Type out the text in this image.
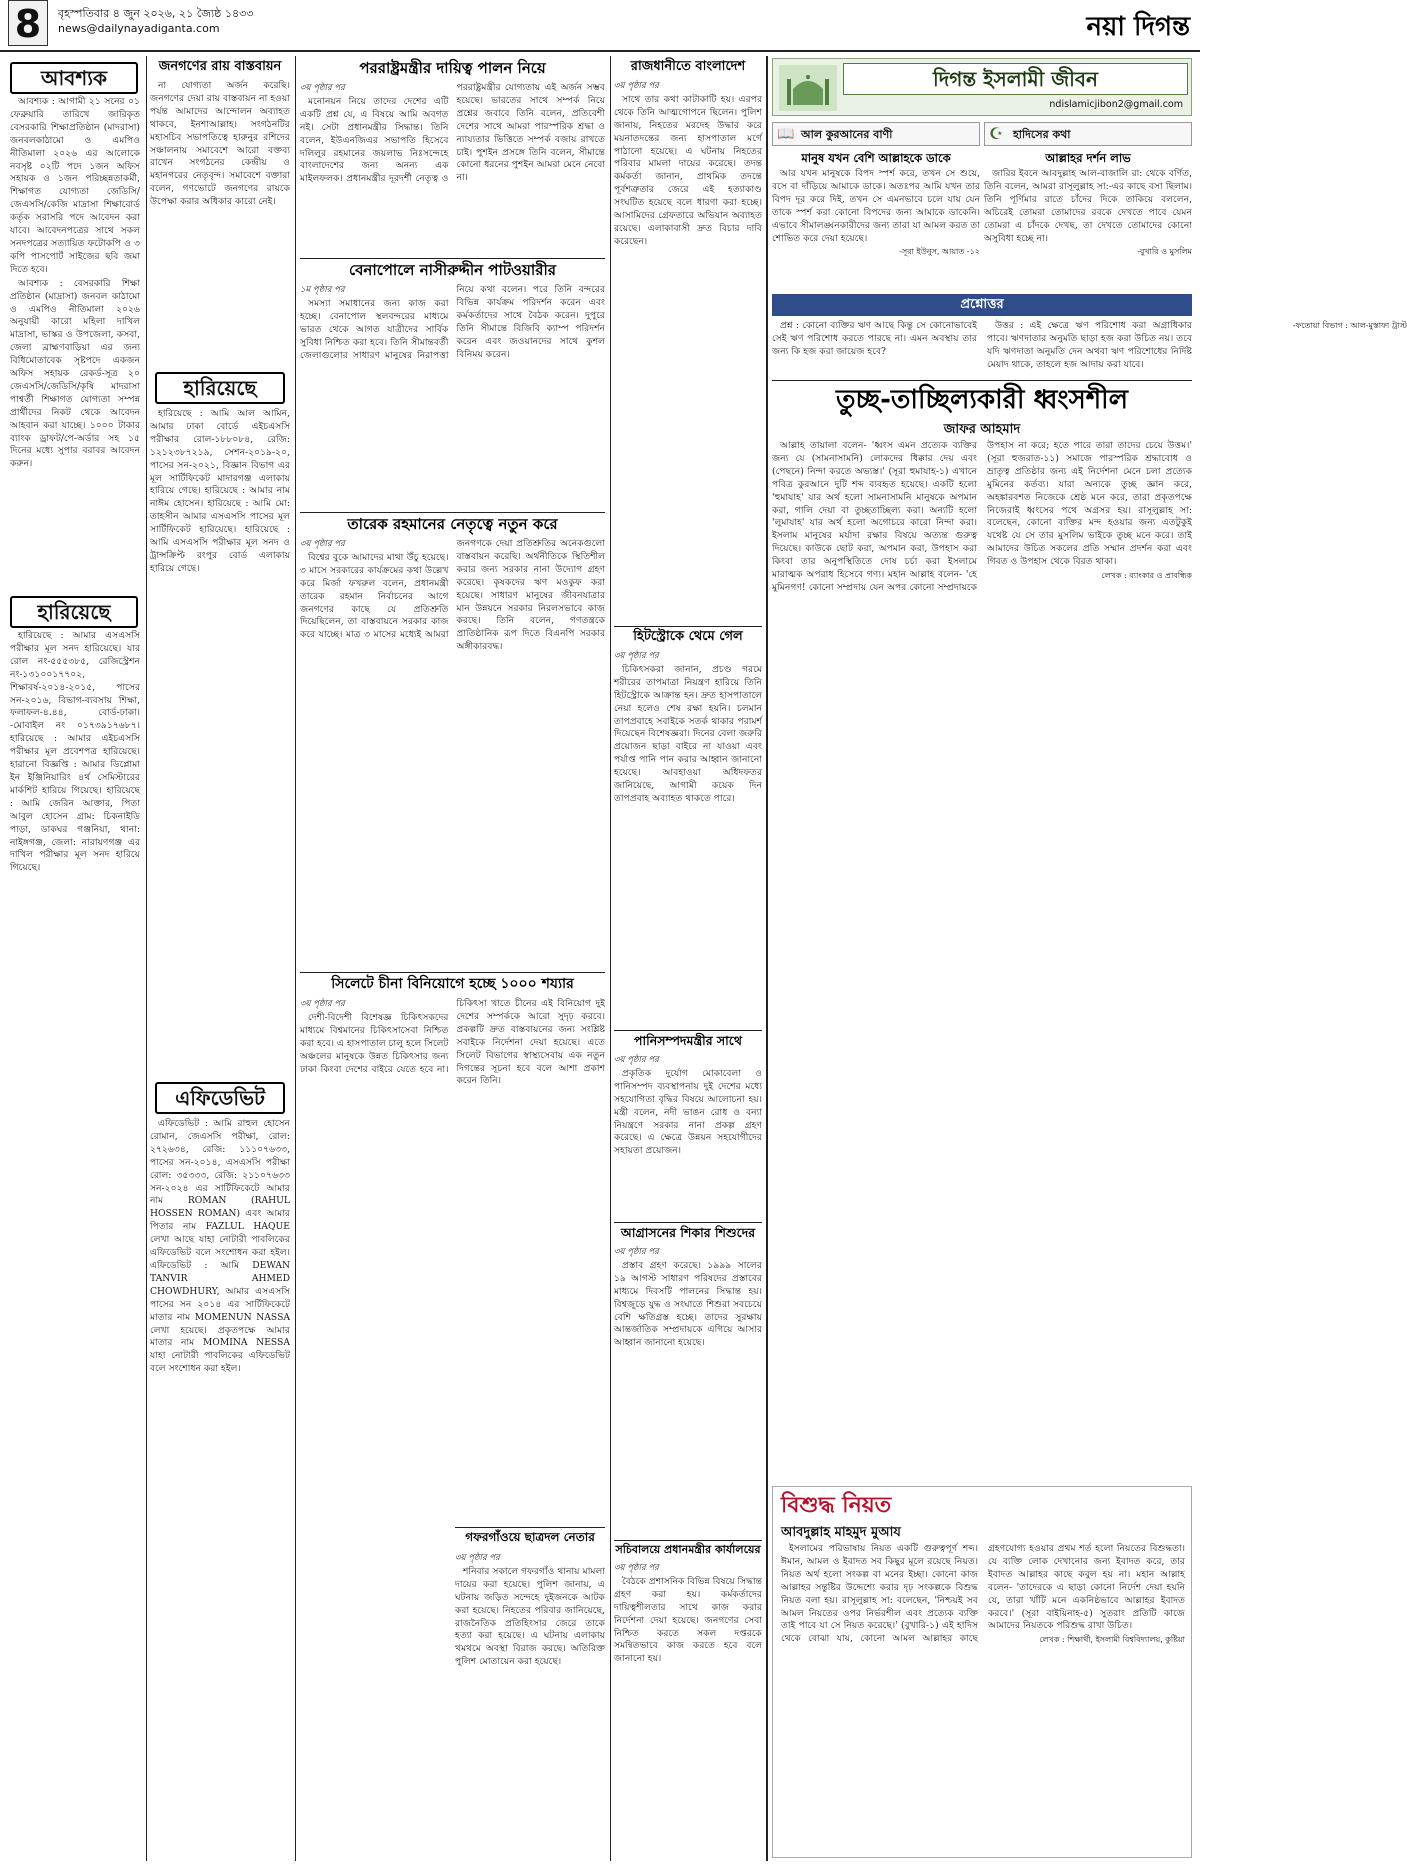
8	বৃহস্পতিবার ৪ জুন ২০২৬, ২১ জ্যৈষ্ঠ ১৪৩৩
news@dailynayadiganta.com	নয়া দিগন্ত
আবশ্যক

আবশ্যক : আগামী ২১ সনের ০১ ফেব্রুয়ারি তারিখে জারিকৃত বেসরকারি শিক্ষাপ্রতিষ্ঠান (মাদরাসা) জনবলকাঠামো ও এমপিও নীতিমালা ২০২৬ এর আলোকে নবসৃষ্ট ০২টি পদে ১জন অফিস সহায়ক ও ১জন পরিচ্ছন্নতাকর্মী, শিক্ষাগত যোগ্যতা জেডিসি/জেএসসি/কেজি মাদ্রাসা শিক্ষাবোর্ড কর্তৃক সরাসরি পদে আবেদন করা যাবে। আবেদনপত্রের সাথে সকল সনদপত্রের সত্যায়িত ফটোকপি ও ৩ কপি পাসপোর্ট সাইজের ছবি জমা দিতে হবে।

আবশ্যক : বেসরকারি শিক্ষা প্রতিষ্ঠান (মাদ্রাসা) জনবল কাঠামো ও এমপিও নীতিমালা ২০২৬ অনুযায়ী কারো মহিলা দাখিল মাদ্রাসা, ভাস্কর ও উপজেলা, কসবা, জেলা ব্রাহ্মণবাড়িয়া এর জন্য বিধিমোতাবেক সৃষ্টপদে একজন অফিস সহায়ক রেকর্ড-সূত্র ২০ জেএসসি/জেডিসি/কৃষি মাদরাসা পাশ্বর্তী শিক্ষাগত যোগ্যতা সম্পন্ন প্রার্থীদের নিকট থেকে আবেদন আহবান করা যাচ্ছে। ১০০০ টাকার ব্যাংক ড্রাফট/পে-অর্ডার সহ ১৫ দিনের মধ্যে সুপার বরাবর আবেদন করুন।

হারিয়েছে

হারিয়েছে : আমার এসএসসি পরীক্ষার মূল সনদ হারিয়েছে। যার রোল নং-৫৫৫৩৮৫, রেজিস্ট্রেশন নং-১৩১০০১৭৭০২, শিক্ষাবর্ষ-২০১৪-২০১৫, পাসের সন-২০১৬, বিভাগ-ব্যবসায় শিক্ষা, ফলাফল-৪.৪৪, বোর্ড-ঢাকা। -মোবাইল নং ০১৭৩৯১৭৬৮৭। হারিয়েছে : আমার এইচএসসি পরীক্ষার মূল প্রবেশপত্র হারিয়েছে। হারানো বিজ্ঞপ্তি : আমার ডিপ্লোমা ইন ইঞ্জিনিয়ারিং ৪র্থ সেমিস্টারের মার্কশিট হারিয়ে গিয়েছে। হারিয়েছে : আমি জেরিন আক্তার, পিতা আবুল হোসেন গ্রাম: চিকনাইডি পাড়া, ডাকঘর গঞ্জনিয়া, থানা: নাইঙ্গগঞ্জ, জেলা: নারায়ণগঞ্জ এর দাখিল পরীক্ষার মূল সনদ হারিয়ে গিয়েছে।

জনগণের রায় বাস্তবায়ন

না যোগ্যতা অর্জন করেছি। জনগণের দেয়া রায় বাস্তবায়ন না হওয়া পর্যন্ত আমাদের আন্দোলন অব্যাহত থাকবে, ইনশাআল্লাহ। সংগঠনটির মহাসচিব সভাপতিত্বে হারুনুর রশিদের সঞ্চালনায় সমাবেশে আরো বক্তব্য রাখেন সংগঠনের কেন্দ্রীয় ও মহানগরের নেতৃবৃন্দ। সমাবেশে বক্তারা বলেন, গণভোটে জনগণের রায়কে উপেক্ষা করার অধিকার কারো নেই।

হারিয়েছে

হারিয়েছে : আমি আল আমিন, আমার ঢাকা বোর্ডে এইচএসসি পরীক্ষার রোল-১৮৮০৮৪, রেজি: ১২১২৩৮৭২১৯, সেশন-২০১৯-২০, পাসের সন-২০২১, বিজ্ঞান বিভাগ এর মূল সার্টিফিকেট মাদারগঞ্জ এলাকায় হারিয়ে গেছে। হারিয়েছে : আমার নাম নাঈম হোসেন। হারিয়েছে : আমি মো: তাহসীন আমার এসএসসি পাসের মূল সার্টিফিকেট হারিয়েছে। হারিয়েছে : আমি এসএসসি পরীক্ষার মূল সনদ ও ট্রান্সক্রিপ্ট রংপুর বোর্ড এলাকায় হারিয়ে গেছে।

এফিডেভিট

এফিডেভিট : আমি রাহুল হোসেন রোমান, জেএসসি পরীক্ষা, রোল: ২৭২৬৩৪, রেজি: ১১১০৭৬৩৩, পাসের সন-২০১৪, এসএসসি পরীক্ষা রোল: ৩৫৩৩৩, রেজি: ২১১০৭৬৩৩ সন-২০২৪ এর সার্টিফিকেটে আমার নাম ROMAN (RAHUL HOSSEN ROMAN) এবং আমার পিতার নাম FAZLUL HAQUE লেখা আছে যাহা নোটারী পাবলিকের এফিডেভিট বলে সংশোধন করা হইল। এফিডেভিট : আমি DEWAN TANVIR AHMED CHOWDHURY, আমার এসএসসি পাসের সন ২০১৪ এর সার্টিফিকেটে মাতার নাম MOMENUN NASSA লেখা হয়েছে। প্রকৃতপক্ষে আমার মাতার নাম MOMINA NESSA যাহা নোটারী পাবলিকের এফিডেভিট বলে সংশোধন করা হইল।

পররাষ্ট্রমন্ত্রীর দায়িত্ব পালন নিয়ে

৩য় পৃষ্ঠার পর

মনোনয়ন নিয়ে তাদের দেশের এটি একটি প্রশ্ন যে, এ বিষয়ে আমি অবগত নই। সেটা প্রধানমন্ত্রীর সিদ্ধান্ত। তিনি বলেন, ইউএনজিএর সভাপতি হিসেবে দলিলুর রহমানের জয়লাভ নিঃসন্দেহে বাংলাদেশের জন্য অনন্য এক মাইলফলক। প্রধানমন্ত্রীর দূরদর্শী নেতৃত্ব ও পররাষ্ট্রমন্ত্রীর যোগ্যতায় এই অর্জন সম্ভব হয়েছে। ভারতের সাথে সম্পর্ক নিয়ে প্রশ্নের জবাবে তিনি বলেন, প্রতিবেশী দেশের সাথে আমরা পারস্পরিক শ্রদ্ধা ও ন্যায্যতার ভিত্তিতে সম্পর্ক বজায় রাখতে চাই। পুশইন প্রসঙ্গে তিনি বলেন, সীমান্তে কোনো ধরনের পুশইন আমরা মেনে নেবো না।

বেনাপোলে নাসীরুদ্দীন পাটওয়ারীর

১ম পৃষ্ঠার পর

সমস্যা সমাধানের জন্য কাজ করা হচ্ছে। বেনাপোল স্থলবন্দরের মাধ্যমে ভারত থেকে আগত যাত্রীদের সার্বিক সুবিধা নিশ্চিত করা হবে। তিনি সীমান্তবর্তী জেলাগুলোর সাধারণ মানুষের নিরাপত্তা নিয়ে কথা বলেন। পরে তিনি বন্দরের বিভিন্ন কার্যক্রম পরিদর্শন করেন এবং কর্মকর্তাদের সাথে বৈঠক করেন। দুপুরে তিনি সীমান্তে বিজিবি ক্যাম্প পরিদর্শন করেন এবং জওয়ানদের সাথে কুশল বিনিময় করেন।

তারেক রহমানের নেতৃত্বে নতুন করে

৩য় পৃষ্ঠার পর

বিশ্বের বুকে আমাদের মাথা উঁচু হয়েছে। ৩ মাসে সরকারের কার্যক্রমের কথা উল্লেখ করে মির্জা ফখরুল বলেন, প্রধানমন্ত্রী তারেক রহমান নির্বাচনের আগে জনগণের কাছে যে প্রতিশ্রুতি দিয়েছিলেন, তা বাস্তবায়নে সরকার কাজ করে যাচ্ছে। মাত্র ৩ মাসের মধ্যেই আমরা জনগণকে দেয়া প্রতিশ্রুতির অনেকগুলো বাস্তবায়ন করেছি। অর্থনীতিকে স্থিতিশীল করার জন্য সরকার নানা উদ্যোগ গ্রহণ করেছে। কৃষকদের ঋণ মওকুফ করা হয়েছে। সাধারণ মানুষের জীবনযাত্রার মান উন্নয়নে সরকার নিরলসভাবে কাজ করছে। তিনি বলেন, গণতন্ত্রকে প্রাতিষ্ঠানিক রূপ দিতে বিএনপি সরকার অঙ্গীকারবদ্ধ।

সিলেটে চীনা বিনিয়োগে হচ্ছে ১০০০ শয্যার

৩য় পৃষ্ঠার পর

দেশী-বিদেশী বিশেষজ্ঞ চিকিৎসকদের মাধ্যমে বিশ্বমানের চিকিৎসাসেবা নিশ্চিত করা হবে। এ হাসপাতাল চালু হলে সিলেট অঞ্চলের মানুষকে উন্নত চিকিৎসার জন্য ঢাকা কিংবা দেশের বাইরে যেতে হবে না। চিকিৎসা খাতে চীনের এই বিনিয়োগ দুই দেশের সম্পর্ককে আরো সুদৃঢ় করবে। প্রকল্পটি দ্রুত বাস্তবায়নের জন্য সংশ্লিষ্ট সবাইকে নির্দেশনা দেয়া হয়েছে। এতে সিলেট বিভাগের স্বাস্থ্যসেবায় এক নতুন দিগন্তের সূচনা হবে বলে আশা প্রকাশ করেন তিনি।

গফরগাঁওয়ে ছাত্রদল নেতার

৩য় পৃষ্ঠার পর

শনিবার সকালে গফরগাঁও থানায় মামলা দায়ের করা হয়েছে। পুলিশ জানায়, এ ঘটনায় জড়িত সন্দেহে দুইজনকে আটক করা হয়েছে। নিহতের পরিবার জানিয়েছে, রাজনৈতিক প্রতিহিংসার জেরে তাকে হত্যা করা হয়েছে। এ ঘটনায় এলাকায় থমথমে অবস্থা বিরাজ করছে। অতিরিক্ত পুলিশ মোতায়েন করা হয়েছে।

রাজধানীতে বাংলাদেশ

৩য় পৃষ্ঠার পর

সাথে তার কথা কাটাকাটি হয়। এরপর থেকে তিনি আত্মগোপনে ছিলেন। পুলিশ জানায়, নিহতের মরদেহ উদ্ধার করে ময়নাতদন্তের জন্য হাসপাতাল মর্গে পাঠানো হয়েছে। এ ঘটনায় নিহতের পরিবার মামলা দায়ের করেছে। তদন্ত কর্মকর্তা জানান, প্রাথমিক তদন্তে পূর্বশত্রুতার জেরে এই হত্যাকাণ্ড সংঘটিত হয়েছে বলে ধারণা করা হচ্ছে। আসামিদের গ্রেফতারে অভিযান অব্যাহত রয়েছে। এলাকাবাসী দ্রুত বিচার দাবি করেছেন।

হিটস্ট্রোকে থেমে গেল

৩য় পৃষ্ঠার পর

চিকিৎসকরা জানান, প্রচণ্ড গরমে শরীরের তাপমাত্রা নিয়ন্ত্রণ হারিয়ে তিনি হিটস্ট্রোকে আক্রান্ত হন। দ্রুত হাসপাতালে নেয়া হলেও শেষ রক্ষা হয়নি। চলমান তাপপ্রবাহে সবাইকে সতর্ক থাকার পরামর্শ দিয়েছেন বিশেষজ্ঞরা। দিনের বেলা জরুরি প্রয়োজন ছাড়া বাইরে না যাওয়া এবং পর্যাপ্ত পানি পান করার আহ্বান জানানো হয়েছে। আবহাওয়া অধিদফতর জানিয়েছে, আগামী কয়েক দিন তাপপ্রবাহ অব্যাহত থাকতে পারে।

পানিসম্পদমন্ত্রীর সাথে

৩য় পৃষ্ঠার পর

প্রকৃতিক দুর্যোগ মোকাবেলা ও পানিসম্পদ ব্যবস্থাপনায় দুই দেশের মধ্যে সহযোগিতা বৃদ্ধির বিষয়ে আলোচনা হয়। মন্ত্রী বলেন, নদী ভাঙন রোধ ও বন্যা নিয়ন্ত্রণে সরকার নানা প্রকল্প গ্রহণ করেছে। এ ক্ষেত্রে উন্নয়ন সহযোগীদের সহায়তা প্রয়োজন।

আগ্রাসনের শিকার শিশুদের

৩য় পৃষ্ঠার পর

প্রস্তাব গ্রহণ করেছে। ১৯৯৯ সালের ১৯ আগস্ট সাধারণ পরিষদের প্রস্তাবের মাধ্যমে দিবসটি পালনের সিদ্ধান্ত হয়। বিশ্বজুড়ে যুদ্ধ ও সংঘাতে শিশুরা সবচেয়ে বেশি ক্ষতিগ্রস্ত হচ্ছে। তাদের সুরক্ষায় আন্তর্জাতিক সম্প্রদায়কে এগিয়ে আসার আহ্বান জানানো হয়েছে।

সচিবালয়ে প্রধানমন্ত্রীর কার্যালয়ের

৩য় পৃষ্ঠার পর

বৈঠকে প্রশাসনিক বিভিন্ন বিষয়ে সিদ্ধান্ত গ্রহণ করা হয়। কর্মকর্তাদের দায়িত্বশীলতার সাথে কাজ করার নির্দেশনা দেয়া হয়েছে। জনগণের সেবা নিশ্চিত করতে সকল দপ্তরকে সমন্বিতভাবে কাজ করতে হবে বলে জানানো হয়।

দিগন্ত ইসলামী জীবন
ndislamicjibon2@gmail.com
📖 আল কুরআনের বাণী	☪ হাদিসের কথা
মানুষ যখন বেশি আল্লাহকে ডাকে

আর যখন মানুষকে বিপদ স্পর্শ করে, তখন সে শুয়ে, বসে বা দাঁড়িয়ে আমাকে ডাকে। অতঃপর আমি যখন তার বিপদ দূর করে দিই, তখন সে এমনভাবে চলে যায় যেন তাকে স্পর্শ করা কোনো বিপদের জন্য আমাকে ডাকেনি। এভাবে সীমালঙ্ঘনকারীদের জন্য তারা যা আমল করত তা শোভিত করে দেয়া হয়েছে।

-সূরা ইউনুস, আয়াত -১২

আল্লাহর দর্শন লাভ

জারির ইবনে আবদুল্লাহ আল-বাজালি রা: থেকে বর্ণিত, তিনি বলেন, আমরা রাসূলুল্লাহ সা:-এর কাছে বসা ছিলাম। তিনি পূর্ণিমার রাতে চাঁদের দিকে তাকিয়ে বললেন, অচিরেই তোমরা তোমাদের রবকে দেখতে পাবে যেমন তোমরা এ চাঁদকে দেখছ, তা দেখতে তোমাদের কোনো অসুবিধা হচ্ছে না।

-বুখারি ও মুসলিম

প্রশ্নোত্তর

প্রশ্ন : কোনো ব্যক্তির ঋণ আছে কিন্তু সে কোনোভাবেই সেই ঋণ পরিশোধ করতে পারছে না। এমন অবস্থায় তার জন্য কি হজ করা জায়েজ হবে?

উত্তর : এই ক্ষেত্রে ঋণ পরিশোধ করা অগ্রাধিকার পাবে। ঋণদাতার অনুমতি ছাড়া হজ করা উচিত নয়। তবে যদি ঋণদাতা অনুমতি দেন অথবা ঋণ পরিশোধের নির্দিষ্ট মেয়াদ থাকে, তাহলে হজ আদায় করা যাবে।

-ফতোয়া বিভাগ : আল-মুস্তাফা ট্রাস্ট

তুচ্ছ-তাচ্ছিল্যকারী ধ্বংসশীল
জাফর আহমাদ

আল্লাহ তায়ালা বলেন- 'ধ্বংস এমন প্রত্যেক ব্যক্তির জন্য যে (সামনাসামনি) লোকদের ধিক্কার দেয় এবং (পেছনে) নিন্দা করতে অভ্যস্ত।' (সূরা হুমাযাহ-১) এখানে পবিত্র কুরআনে দুটি শব্দ ব্যবহৃত হয়েছে। একটি হলো 'হুমাযাহ' যার অর্থ হলো সামনাসামনি মানুষকে অপমান করা, গালি দেয়া বা তুচ্ছতাচ্ছিল্য করা। অন্যটি হলো 'লুমাযাহ' যার অর্থ হলো অগোচরে কারো নিন্দা করা। ইসলাম মানুষের মর্যাদা রক্ষার বিষয়ে অত্যন্ত গুরুত্ব দিয়েছে। কাউকে ছোট করা, অপমান করা, উপহাস করা কিংবা তার অনুপস্থিতিতে দোষ চর্চা করা ইসলামে মারাত্মক অপরাধ হিসেবে গণ্য। মহান আল্লাহ বলেন- 'হে মুমিনগণ! কোনো সম্প্রদায় যেন অপর কোনো সম্প্রদায়কে উপহাস না করে; হতে পারে তারা তাদের চেয়ে উত্তম।' (সূরা হুজরাত-১১) সমাজে পারস্পরিক শ্রদ্ধাবোধ ও ভ্রাতৃত্ব প্রতিষ্ঠার জন্য এই নির্দেশনা মেনে চলা প্রত্যেক মুমিনের কর্তব্য। যারা অন্যকে তুচ্ছ জ্ঞান করে, অহঙ্কারবশত নিজেকে শ্রেষ্ঠ মনে করে, তারা প্রকৃতপক্ষে নিজেরাই ধ্বংসের পথে অগ্রসর হয়। রাসূলুল্লাহ সা: বলেছেন, কোনো ব্যক্তির মন্দ হওয়ার জন্য এতটুকুই যথেষ্ট যে সে তার মুসলিম ভাইকে তুচ্ছ মনে করে। তাই আমাদের উচিত সকলের প্রতি সম্মান প্রদর্শন করা এবং গিবত ও উপহাস থেকে বিরত থাকা।

লেখক : ব্যাংকার ও প্রাবন্ধিক

বিশুদ্ধ নিয়ত
আবদুল্লাহ মাহমুদ মুআয

ইসলামের পরিভাষায় নিয়ত একটি গুরুত্বপূর্ণ শব্দ। ঈমান, আমল ও ইবাদত সব কিছুর মূলে রয়েছে নিয়ত। নিয়ত অর্থ হলো সংকল্প বা মনের ইচ্ছা। কোনো কাজ আল্লাহর সন্তুষ্টির উদ্দেশ্যে করার দৃঢ় সংকল্পকে বিশুদ্ধ নিয়ত বলা হয়। রাসূলুল্লাহ সা: বলেছেন, 'নিশ্চয়ই সব আমল নিয়তের ওপর নির্ভরশীল এবং প্রত্যেক ব্যক্তি তাই পাবে যা সে নিয়ত করেছে।' (বুখারি-১) এই হাদিস থেকে বোঝা যায়, কোনো আমল আল্লাহর কাছে গ্রহণযোগ্য হওয়ার প্রথম শর্ত হলো নিয়তের বিশুদ্ধতা। যে ব্যক্তি লোক দেখানোর জন্য ইবাদত করে, তার ইবাদত আল্লাহর কাছে কবুল হয় না। মহান আল্লাহ বলেন- 'তাদেরকে এ ছাড়া কোনো নির্দেশ দেয়া হয়নি যে, তারা খাঁটি মনে একনিষ্ঠভাবে আল্লাহর ইবাদত করবে।' (সূরা বাইয়িনাহ-৫) সুতরাং প্রতিটি কাজে আমাদের নিয়তকে পরিশুদ্ধ রাখা উচিত।

লেখক : শিক্ষার্থী, ইসলামী বিশ্ববিদ্যালয়, কুষ্টিয়া
